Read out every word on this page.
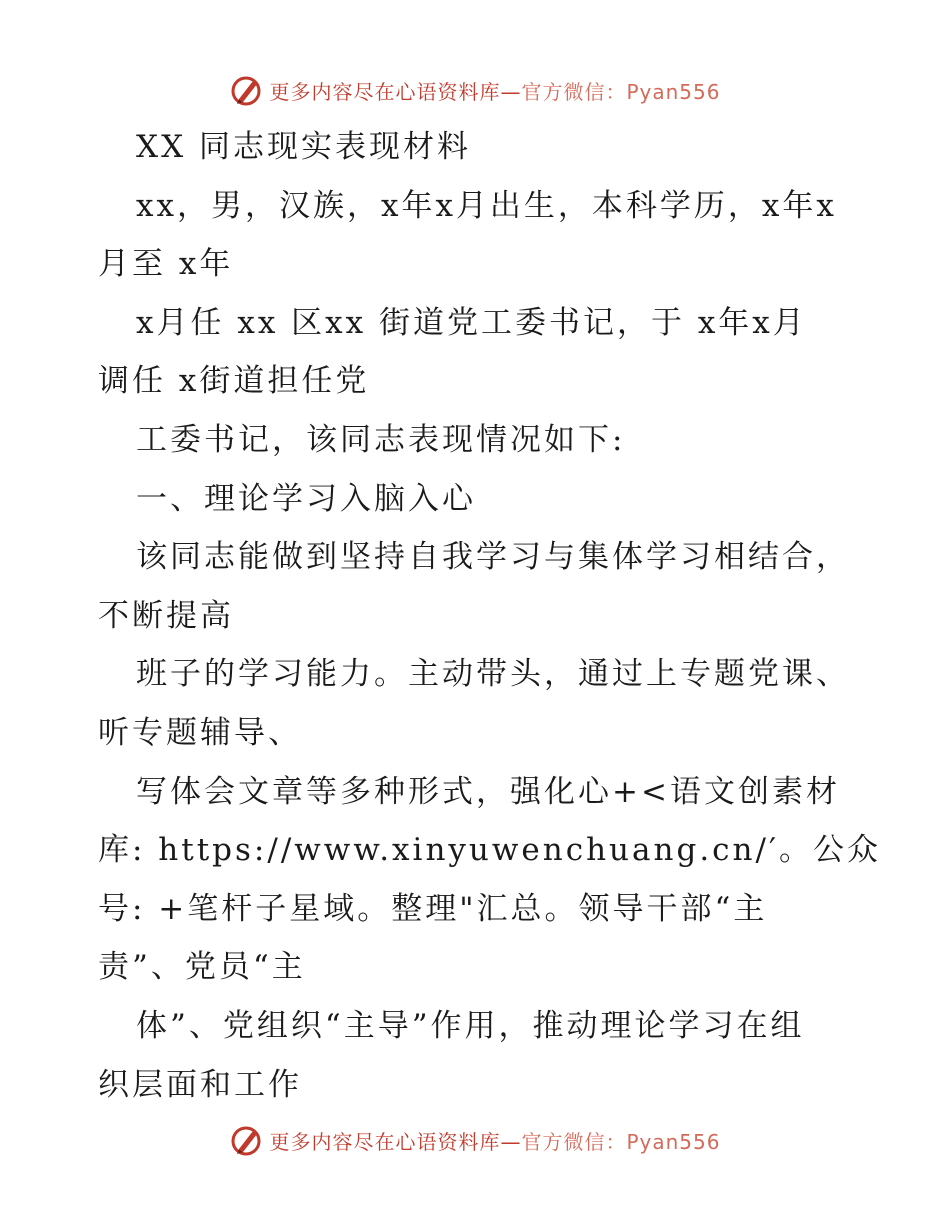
更多内容尽在心语资料库—官方微信：Pyan556
XX 同志现实表现材料
xx，男，汉族，x年x月出生，本科学历，x年x
月至 x年
x月任 xx 区xx 街道党工委书记，于 x年x月
调任 x街道担任党
工委书记，该同志表现情况如下:
一、理论学习入脑入心
该同志能做到坚持自我学习与集体学习相结合，
不断提高
班子的学习能力。主动带头，通过上专题党课、
听专题辅导、
写体会文章等多种形式，强化心+<语文创素材
库: https://www.xinyuwenchuang.cn/′。公众
号: +笔杆子星域。整理"汇总。领导干部“主
责”、党员“主
体”、党组织“主导”作用，推动理论学习在组
织层面和工作
更多内容尽在心语资料库—官方微信：Pyan556
